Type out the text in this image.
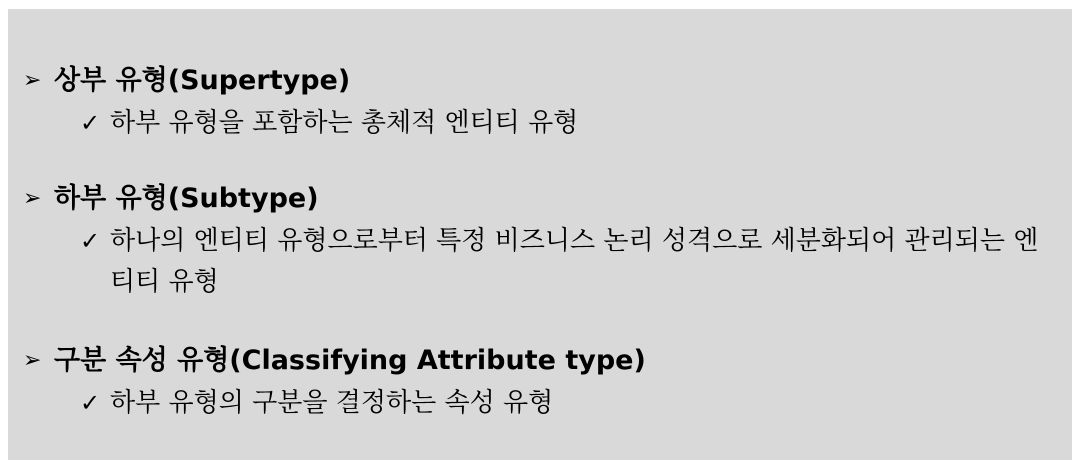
➢ 상부 유형(Supertype)
✓ 하부 유형을 포함하는 총체적 엔티티 유형
➢ 하부 유형(Subtype)
✓ 하나의 엔티티 유형으로부터 특정 비즈니스 논리 성격으로 세분화되어 관리되는 엔티티 유형
➢ 구분 속성 유형(Classifying Attribute type)
✓ 하부 유형의 구분을 결정하는 속성 유형
